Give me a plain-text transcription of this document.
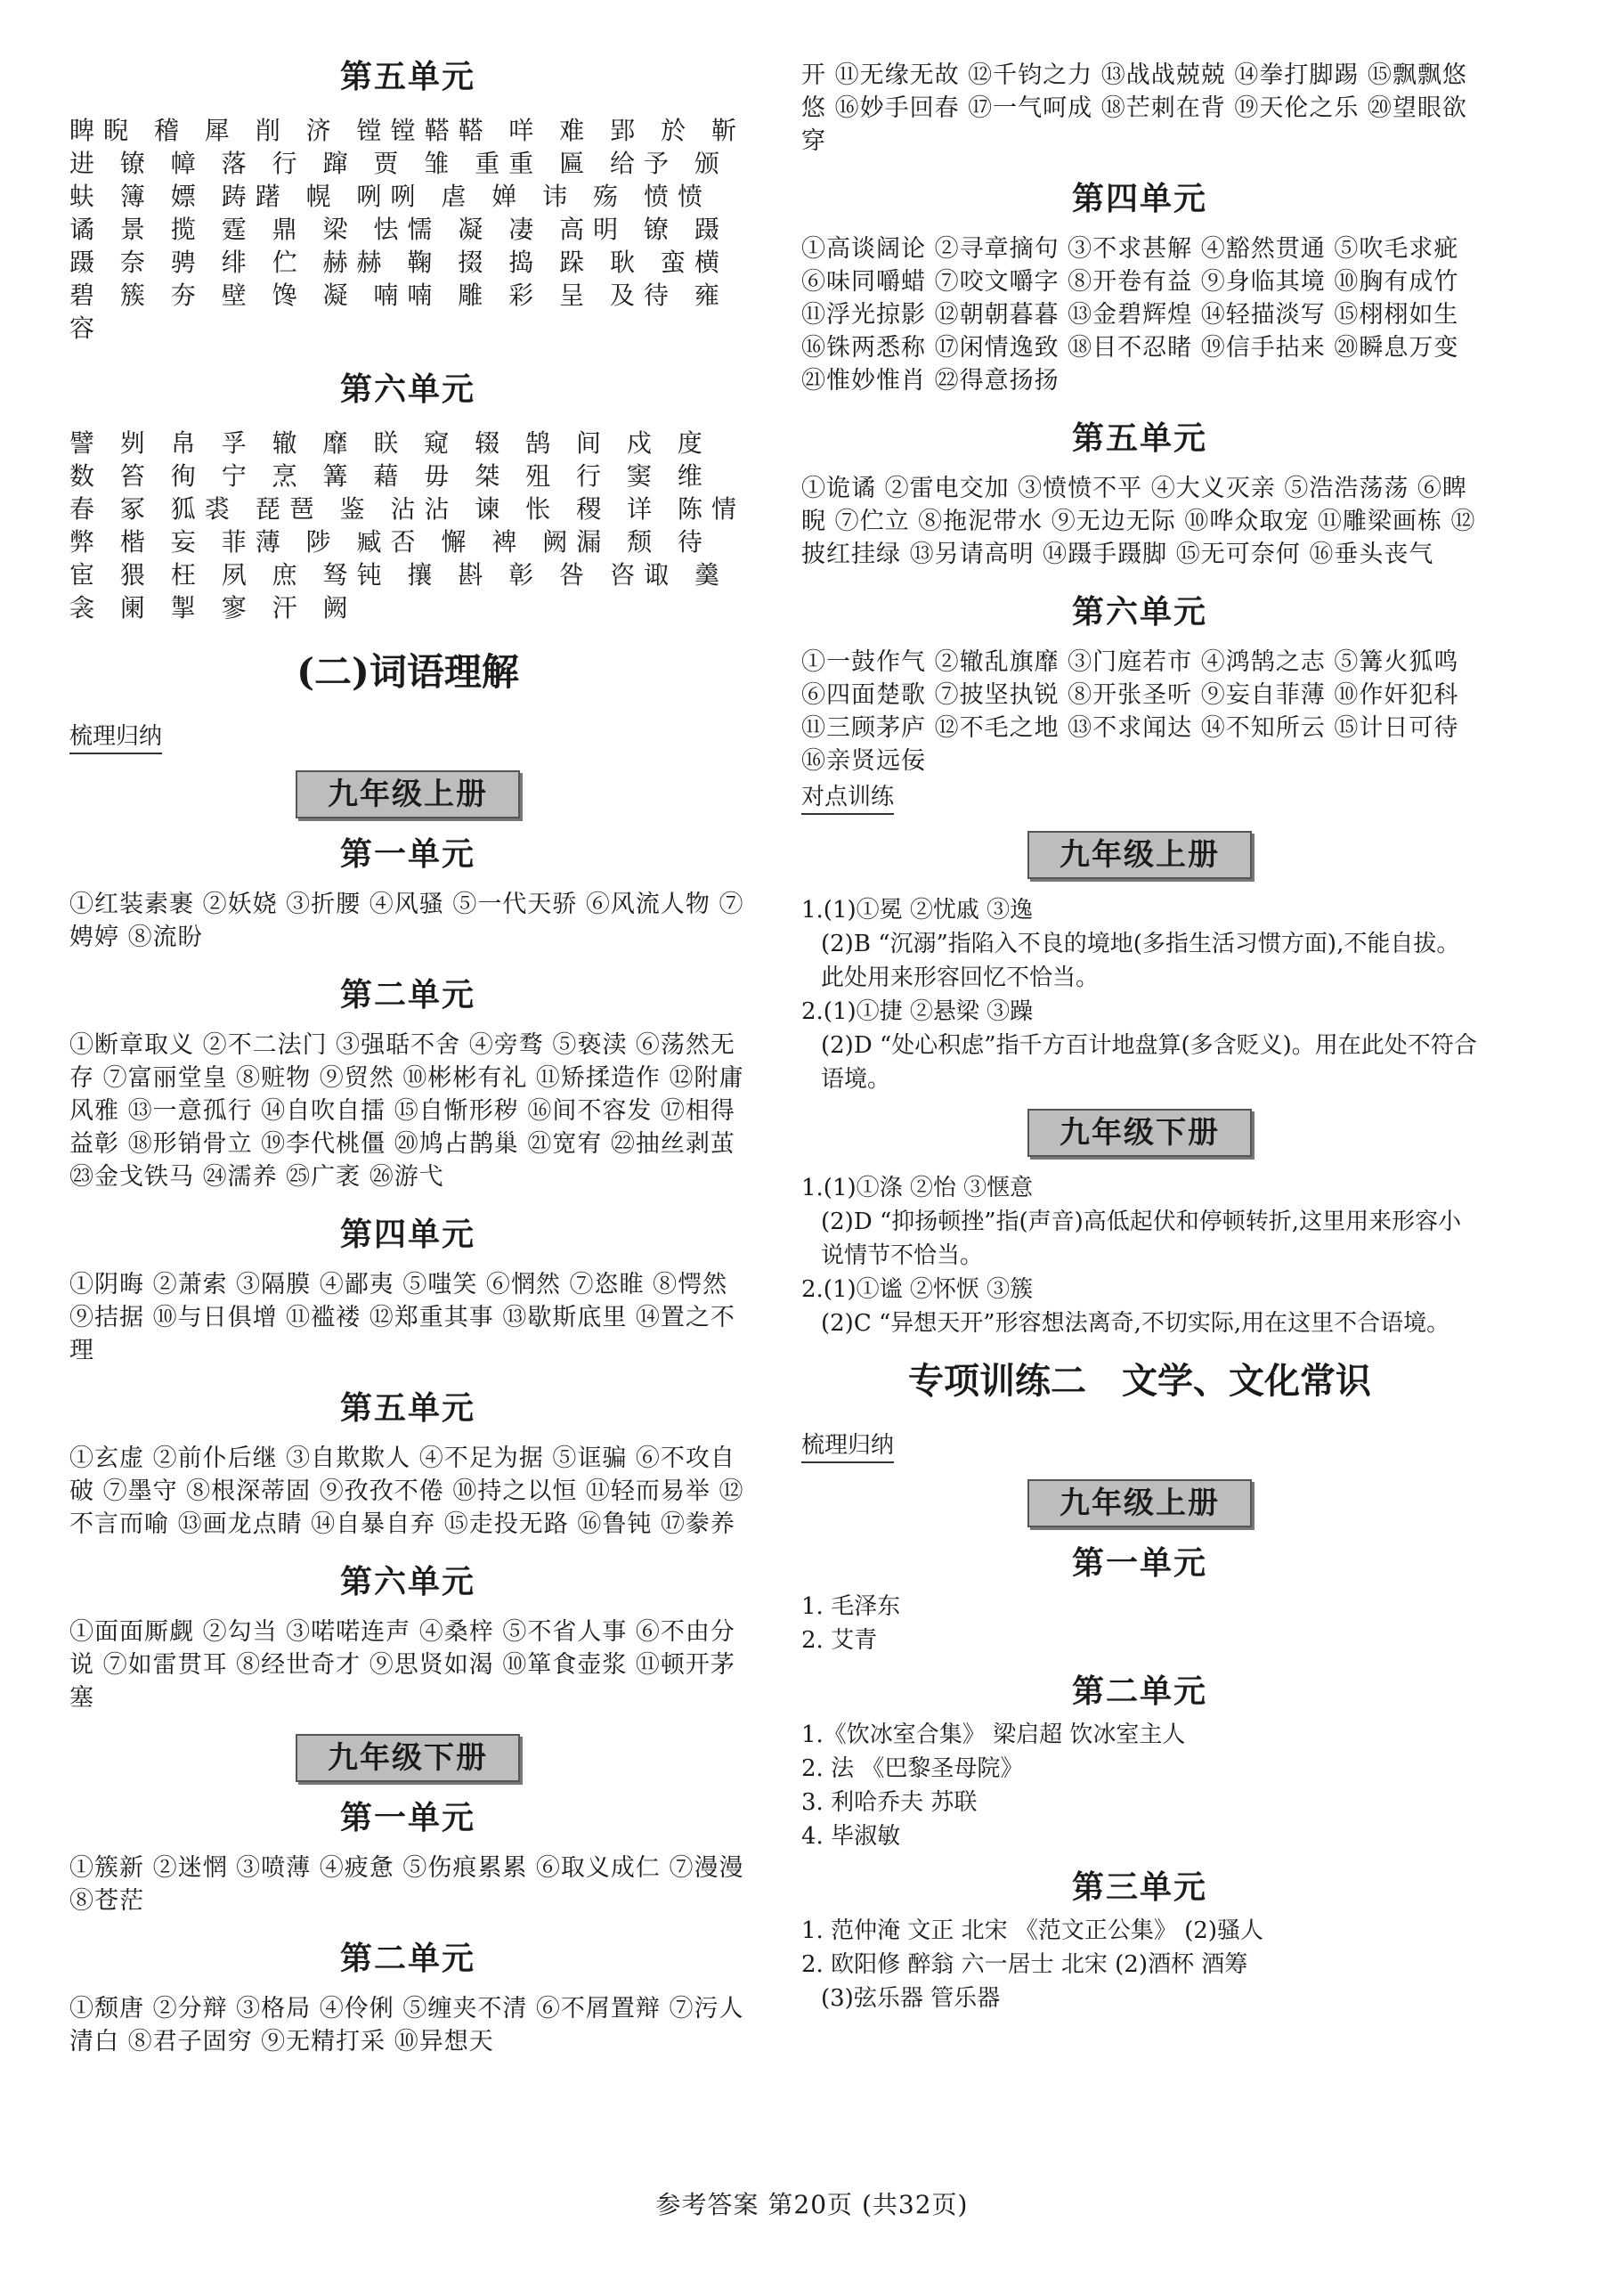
第五单元
睥睨 稽 犀 削 济 镗镗鞳鞳 咩 难 郢 於 靳 进 镣 幛 落 行 蹿 贾 雏 重重 匾 给予 颁 蚨 簿 嫖 踌躇 幌 咧咧 虐 婵 讳 殇 愤愤 谲 景 揽 霆 鼎 梁 怯懦 凝 凄 高明 镣 蹑 蹑 奈 骋 绯 伫 赫赫 鞠 掇 捣 跺 耿 蛮横 碧 簇 夯 壁 馋 凝 喃喃 雕 彩 呈 及待 雍容
第六单元
譬 刿 帛 孚 辙 靡 眹 窥 辍 鹄 间 戍 度 数 笞 徇 宁 烹 篝 藉 毋 桀 殂 行 窦 维 春 冢 狐裘 琵琶 鉴 沾沾 谏 怅 稷 详 陈情 弊 楷 妄 菲薄 陟 臧否 懈 裨 阙漏 颓 待 宦 猥 枉 夙 庶 驽钝 攘 斟 彰 咎 咨诹 羹 衾 阑 掣 寥 汗 阙
(二)词语理解
梳理归纳
九年级上册
第一单元
①红装素裹 ②妖娆 ③折腰 ④风骚 ⑤一代天骄 ⑥风流人物 ⑦娉婷 ⑧流盼
第二单元
①断章取义 ②不二法门 ③强聒不舍 ④旁骛 ⑤亵渎 ⑥荡然无存 ⑦富丽堂皇 ⑧赃物 ⑨贸然 ⑩彬彬有礼 ⑪矫揉造作 ⑫附庸风雅 ⑬一意孤行 ⑭自吹自擂 ⑮自惭形秽 ⑯间不容发 ⑰相得益彰 ⑱形销骨立 ⑲李代桃僵 ⑳鸠占鹊巢 ㉑宽宥 ㉒抽丝剥茧 ㉓金戈铁马 ㉔濡养 ㉕广袤 ㉖游弋
第四单元
①阴晦 ②萧索 ③隔膜 ④鄙夷 ⑤嗤笑 ⑥惘然 ⑦恣睢 ⑧愕然 ⑨拮据 ⑩与日俱增 ⑪褴褛 ⑫郑重其事 ⑬歇斯底里 ⑭置之不理
第五单元
①玄虚 ②前仆后继 ③自欺欺人 ④不足为据 ⑤诓骗 ⑥不攻自破 ⑦墨守 ⑧根深蒂固 ⑨孜孜不倦 ⑩持之以恒 ⑪轻而易举 ⑫不言而喻 ⑬画龙点睛 ⑭自暴自弃 ⑮走投无路 ⑯鲁钝 ⑰豢养
第六单元
①面面厮觑 ②勾当 ③喏喏连声 ④桑梓 ⑤不省人事 ⑥不由分说 ⑦如雷贯耳 ⑧经世奇才 ⑨思贤如渴 ⑩箪食壶浆 ⑪顿开茅塞
九年级下册
第一单元
①簇新 ②迷惘 ③喷薄 ④疲惫 ⑤伤痕累累 ⑥取义成仁 ⑦漫漫 ⑧苍茫
第二单元
①颓唐 ②分辩 ③格局 ④伶俐 ⑤缠夹不清 ⑥不屑置辩 ⑦污人清白 ⑧君子固穷 ⑨无精打采 ⑩异想天
开 ⑪无缘无故 ⑫千钧之力 ⑬战战兢兢 ⑭拳打脚踢 ⑮飘飘悠悠 ⑯妙手回春 ⑰一气呵成 ⑱芒刺在背 ⑲天伦之乐 ⑳望眼欲穿
第四单元
①高谈阔论 ②寻章摘句 ③不求甚解 ④豁然贯通 ⑤吹毛求疵 ⑥味同嚼蜡 ⑦咬文嚼字 ⑧开卷有益 ⑨身临其境 ⑩胸有成竹 ⑪浮光掠影 ⑫朝朝暮暮 ⑬金碧辉煌 ⑭轻描淡写 ⑮栩栩如生 ⑯铢两悉称 ⑰闲情逸致 ⑱目不忍睹 ⑲信手拈来 ⑳瞬息万变 ㉑惟妙惟肖 ㉒得意扬扬
第五单元
①诡谲 ②雷电交加 ③愤愤不平 ④大义灭亲 ⑤浩浩荡荡 ⑥睥睨 ⑦伫立 ⑧拖泥带水 ⑨无边无际 ⑩哗众取宠 ⑪雕梁画栋 ⑫披红挂绿 ⑬另请高明 ⑭蹑手蹑脚 ⑮无可奈何 ⑯垂头丧气
第六单元
①一鼓作气 ②辙乱旗靡 ③门庭若市 ④鸿鹄之志 ⑤篝火狐鸣 ⑥四面楚歌 ⑦披坚执锐 ⑧开张圣听 ⑨妄自菲薄 ⑩作奸犯科 ⑪三顾茅庐 ⑫不毛之地 ⑬不求闻达 ⑭不知所云 ⑮计日可待 ⑯亲贤远佞
对点训练
九年级上册

1.(1)①冕 ②忧戚 ③逸

(2)B “沉溺”指陷入不良的境地(多指生活习惯方面),不能自拔。此处用来形容回忆不恰当。

2.(1)①捷 ②悬梁 ③躁

(2)D “处心积虑”指千方百计地盘算(多含贬义)。用在此处不符合语境。

九年级下册

1.(1)①涤 ②怡 ③惬意

(2)D “抑扬顿挫”指(声音)高低起伏和停顿转折,这里用来形容小说情节不恰当。

2.(1)①谧 ②怀恹 ③簇

(2)C “异想天开”形容想法离奇,不切实际,用在这里不合语境。

专项训练二　文学、文化常识
梳理归纳
九年级上册
第一单元

1. 毛泽东

2. 艾青

第二单元

1.《饮冰室合集》 梁启超 饮冰室主人

2. 法 《巴黎圣母院》

3. 利哈乔夫 苏联

4. 毕淑敏

第三单元

1. 范仲淹 文正 北宋 《范文正公集》 (2)骚人

2. 欧阳修 醉翁 六一居士 北宋 (2)酒杯 酒筹

(3)弦乐器 管乐器

参考答案 第20页 (共32页)
